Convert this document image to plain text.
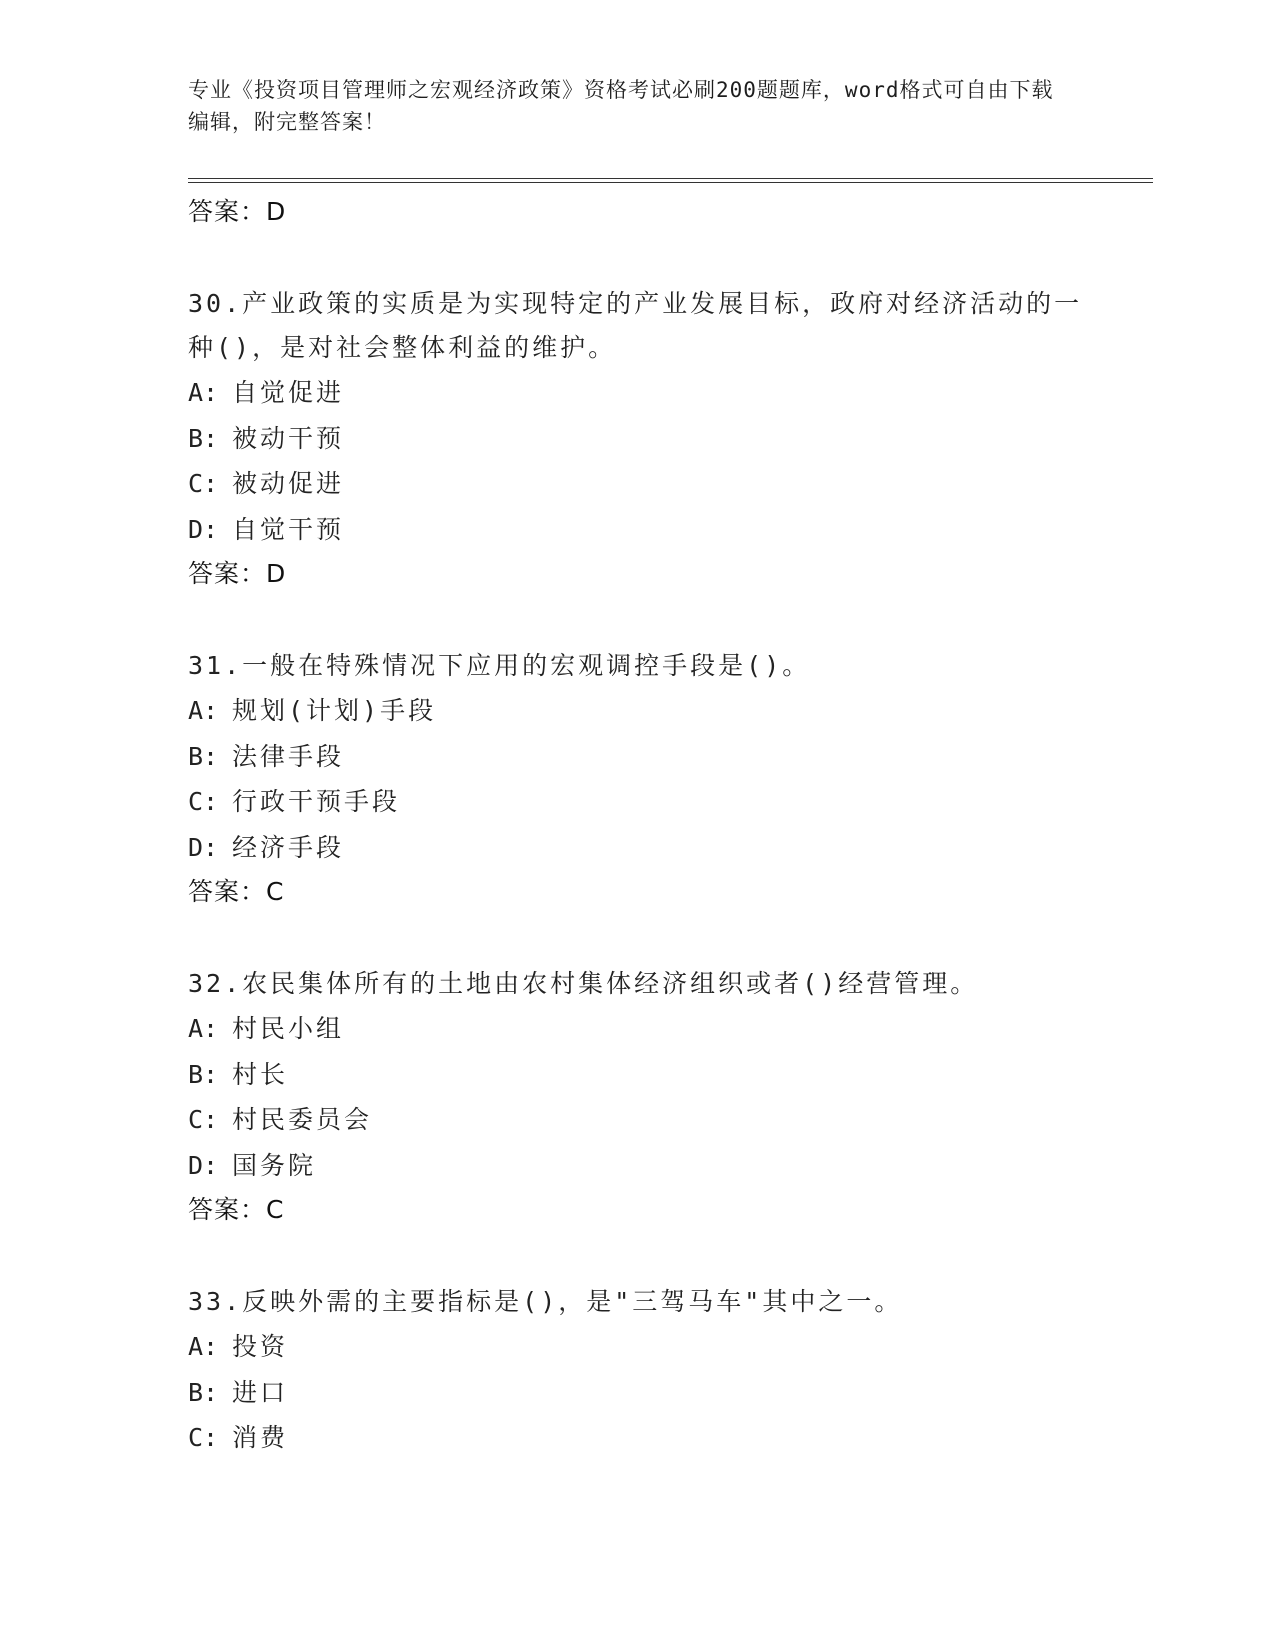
专业《投资项目管理师之宏观经济政策》资格考试必刷200题题库，word格式可自由下载编辑，附完整答案！
答案：D
30.产业政策的实质是为实现特定的产业发展目标，政府对经济活动的一种()，是对社会整体利益的维护。
A: 自觉促进
B: 被动干预
C: 被动促进
D: 自觉干预
答案：D
31.一般在特殊情况下应用的宏观调控手段是()。
A: 规划(计划)手段
B: 法律手段
C: 行政干预手段
D: 经济手段
答案：C
32.农民集体所有的土地由农村集体经济组织或者()经营管理。
A: 村民小组
B: 村长
C: 村民委员会
D: 国务院
答案：C
33.反映外需的主要指标是()，是"三驾马车"其中之一。
A: 投资
B: 进口
C: 消费
